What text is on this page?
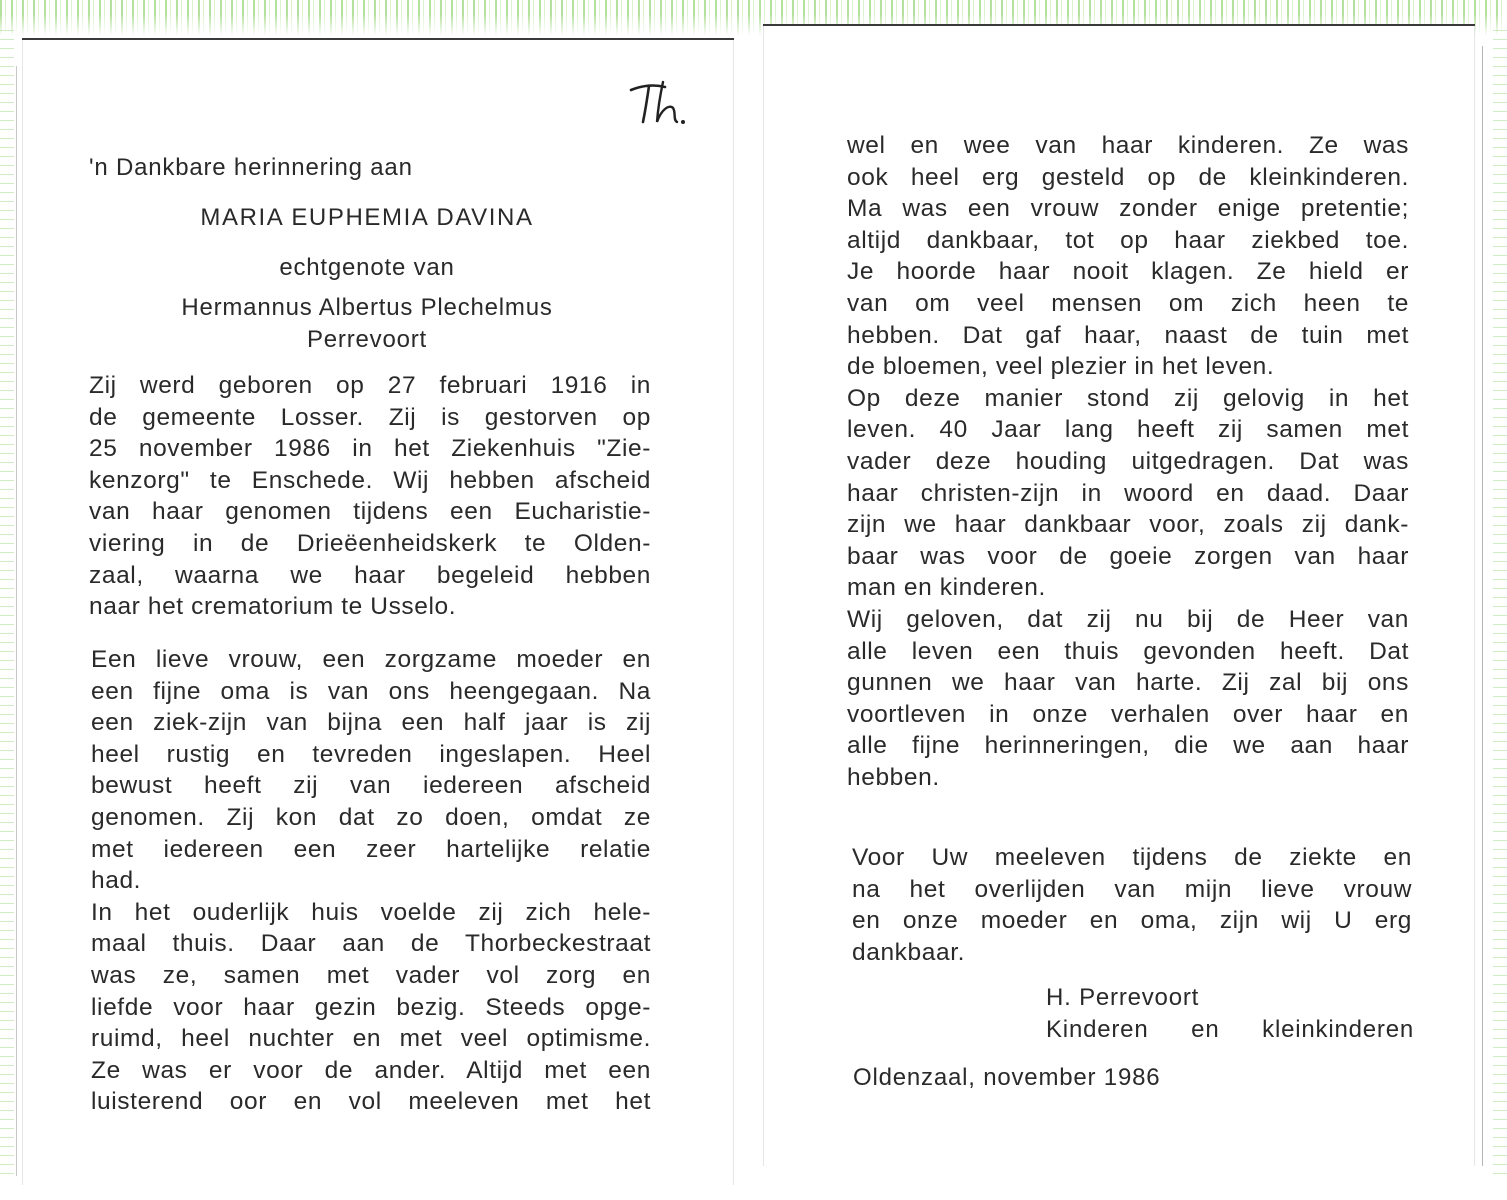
'n Dankbare herinnering aan
MARIA EUPHEMIA DAVINA
echtgenote van
Hermannus Albertus Plechelmus
Perrevoort
Zij werd geboren op 27 februari 1916 in
de gemeente Losser. Zij is gestorven op
25 november 1986 in het Ziekenhuis "Zie-
kenzorg" te Enschede. Wij hebben afscheid
van haar genomen tijdens een Eucharistie-
viering in de Drieëenheidskerk te Olden-
zaal, waarna we haar begeleid hebben
naar het crematorium te Usselo.
Een lieve vrouw, een zorgzame moeder en
een fijne oma is van ons heengegaan. Na
een ziek-zijn van bijna een half jaar is zij
heel rustig en tevreden ingeslapen. Heel
bewust heeft zij van iedereen afscheid
genomen. Zij kon dat zo doen, omdat ze
met iedereen een zeer hartelijke relatie
had.
In het ouderlijk huis voelde zij zich hele-
maal thuis. Daar aan de Thorbeckestraat
was ze, samen met vader vol zorg en
liefde voor haar gezin bezig. Steeds opge-
ruimd, heel nuchter en met veel optimisme.
Ze was er voor de ander. Altijd met een
luisterend oor en vol meeleven met het
wel en wee van haar kinderen. Ze was
ook heel erg gesteld op de kleinkinderen.
Ma was een vrouw zonder enige pretentie;
altijd dankbaar, tot op haar ziekbed toe.
Je hoorde haar nooit klagen. Ze hield er
van om veel mensen om zich heen te
hebben. Dat gaf haar, naast de tuin met
de bloemen, veel plezier in het leven.
Op deze manier stond zij gelovig in het
leven. 40 Jaar lang heeft zij samen met
vader deze houding uitgedragen. Dat was
haar christen-zijn in woord en daad. Daar
zijn we haar dankbaar voor, zoals zij dank-
baar was voor de goeie zorgen van haar
man en kinderen.
Wij geloven, dat zij nu bij de Heer van
alle leven een thuis gevonden heeft. Dat
gunnen we haar van harte. Zij zal bij ons
voortleven in onze verhalen over haar en
alle fijne herinneringen, die we aan haar
hebben.
Voor Uw meeleven tijdens de ziekte en
na het overlijden van mijn lieve vrouw
en onze moeder en oma, zijn wij U erg
dankbaar.
H. Perrevoort
Kinderen en kleinkinderen
Oldenzaal, november 1986
